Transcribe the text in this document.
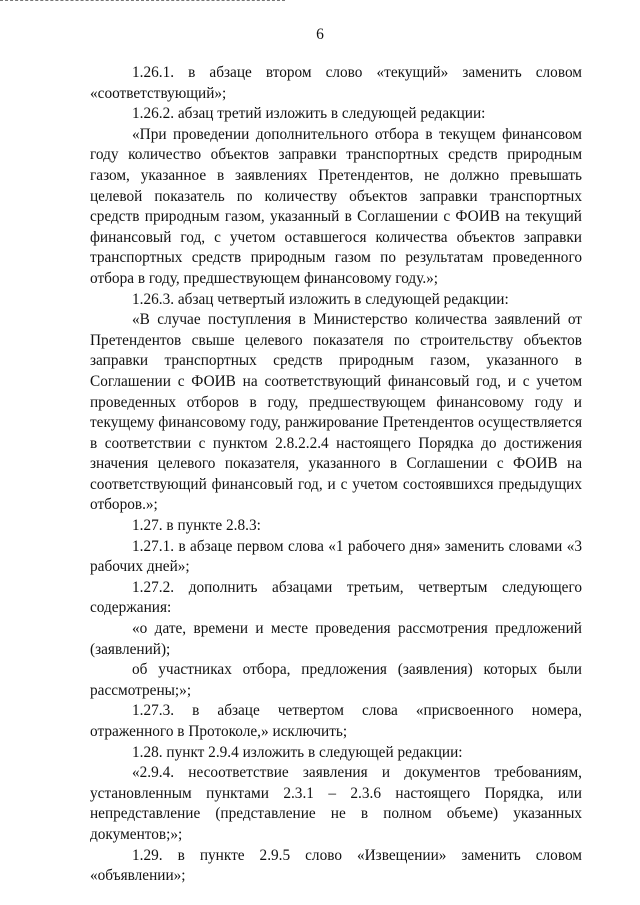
6

1.26.1. в абзаце втором слово «текущий» заменить словом «соответствующий»;

1.26.2. абзац третий изложить в следующей редакции:

«При проведении дополнительного отбора в текущем финансовом году количество объектов заправки транспортных средств природным газом, указанное в заявлениях Претендентов, не должно превышать целевой показатель по количеству объектов заправки транспортных средств природным газом, указанный в Соглашении с ФОИВ на текущий финансовый год, с учетом оставшегося количества объектов заправки транспортных средств природным газом по результатам проведенного отбора в году, предшествующем финансовому году.»;

1.26.3. абзац четвертый изложить в следующей редакции:

«В случае поступления в Министерство количества заявлений от Претендентов свыше целевого показателя по строительству объектов заправки транспортных средств природным газом, указанного в Соглашении с ФОИВ на соответствующий финансовый год, и с учетом проведенных отборов в году, предшествующем финансовому году и текущему финансовому году, ранжирование Претендентов осуществляется в соответствии с пунктом 2.8.2.2.4 настоящего Порядка до достижения значения целевого показателя, указанного в Соглашении с ФОИВ на соответствующий финансовый год, и с учетом состоявшихся предыдущих отборов.»;

1.27. в пункте 2.8.3:

1.27.1. в абзаце первом слова «1 рабочего дня» заменить словами «3 рабочих дней»;

1.27.2. дополнить абзацами третьим, четвертым следующего содержания:

«о дате, времени и месте проведения рассмотрения предложений (заявлений);

об участниках отбора, предложения (заявления) которых были рассмотрены;»;

1.27.3. в абзаце четвертом слова «присвоенного номера, отраженного в Протоколе,» исключить;

1.28. пункт 2.9.4 изложить в следующей редакции:

«2.9.4. несоответствие заявления и документов требованиям, установленным пунктами 2.3.1 – 2.3.6 настоящего Порядка, или непредставление (представление не в полном объеме) указанных документов;»;

1.29. в пункте 2.9.5 слово «Извещении» заменить словом «объявлении»;
